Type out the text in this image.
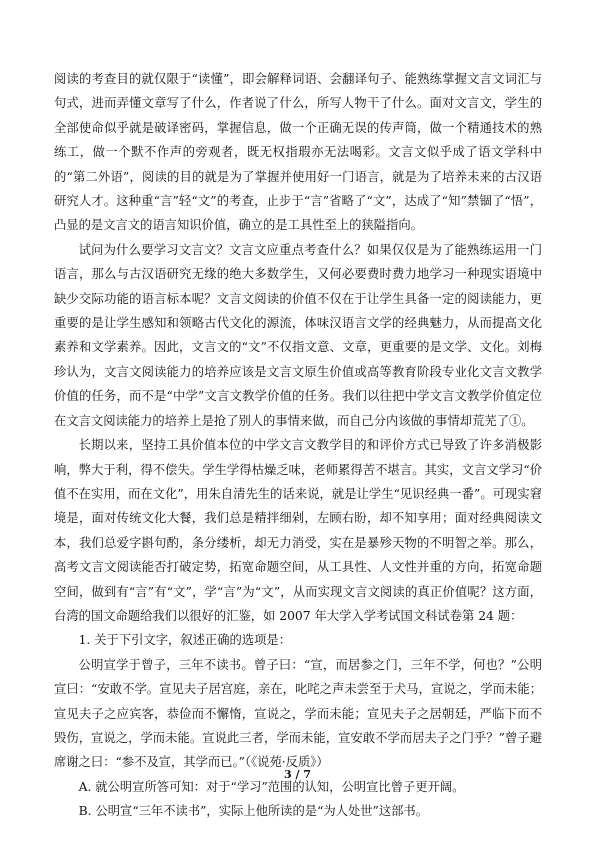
阅读的考查目的就仅限于“读懂”，即会解释词语、会翻译句子、能熟练掌握文言文词汇与句式，进而弄懂文章写了什么，作者说了什么，所写人物干了什么。面对文言文，学生的全部使命似乎就是破译密码，掌握信息，做一个正确无误的传声筒，做一个精通技术的熟练工，做一个默不作声的旁观者，既无权指瑕亦无法喝彩。文言文似乎成了语文学科中的“第二外语”，阅读的目的就是为了掌握并使用好一门语言，就是为了培养未来的古汉语研究人才。这种重“言”轻“文”的考查，止步于“言”省略了“文”，达成了“知”禁锢了“悟”，凸显的是文言文的语言知识价值，确立的是工具性至上的狭隘指向。

试问为什么要学习文言文？文言文应重点考查什么？如果仅仅是为了能熟练运用一门语言，那么与古汉语研究无缘的绝大多数学生，又何必要费时费力地学习一种现实语境中缺少交际功能的语言标本呢？文言文阅读的价值不仅在于让学生具备一定的阅读能力，更重要的是让学生感知和领略古代文化的源流，体味汉语言文学的经典魅力，从而提高文化素养和文学素养。因此，文言文的“文”不仅指文意、文章，更重要的是文学、文化。刘梅珍认为，文言文阅读能力的培养应该是文言文原生价值或高等教育阶段专业化文言文教学价值的任务，而不是“中学”文言文教学价值的任务。我们以往把中学文言文教学价值定位在文言文阅读能力的培养上是抢了别人的事情来做，而自己分内该做的事情却荒芜了①。

长期以来，坚持工具价值本位的中学文言文教学目的和评价方式已导致了许多消极影响，弊大于利，得不偿失。学生学得枯燥乏味，老师累得苦不堪言。其实，文言文学习“价值不在实用，而在文化”，用朱自清先生的话来说，就是让学生“见识经典一番”。可现实窘境是，面对传统文化大餐，我们总是精拌细剁，左顾右盼，却不知享用；面对经典阅读文本，我们总爱字斟句酌，条分缕析，却无力消受，实在是暴殄天物的不明智之举。那么，高考文言文阅读能否打破定势，拓宽命题空间，从工具性、人文性并重的方向，拓宽命题空间，做到有“言”有“文”，学“言”为“文”，从而实现文言文阅读的真正价值呢？这方面，台湾的国文命题给我们以很好的汇鉴，如 2007 年大学入学考试国文科试卷第 24 题：

1. 关于下引文字，叙述正确的选项是：

公明宣学于曾子，三年不读书。曾子曰：“宣，而居参之门，三年不学，何也？”公明宣曰：“安敢不学。宣见夫子居宫庭，亲在，叱咤之声未尝至于犬马，宣说之，学而未能；宣见夫子之应宾客，恭俭而不懈惰，宣说之，学而未能；宣见夫子之居朝廷，严临下而不毁伤，宣说之，学而未能。宣说此三者，学而未能，宣安敢不学而居夫子之门乎？”曾子避席谢之曰：“参不及宣，其学而已。”（《说苑·反质》）

A. 就公明宣所答可知：对于“学习”范围的认知，公明宣比曾子更开阔。

B. 公明宣“三年不读书”，实际上他所读的是“为人处世”这部书。

3 / 7
